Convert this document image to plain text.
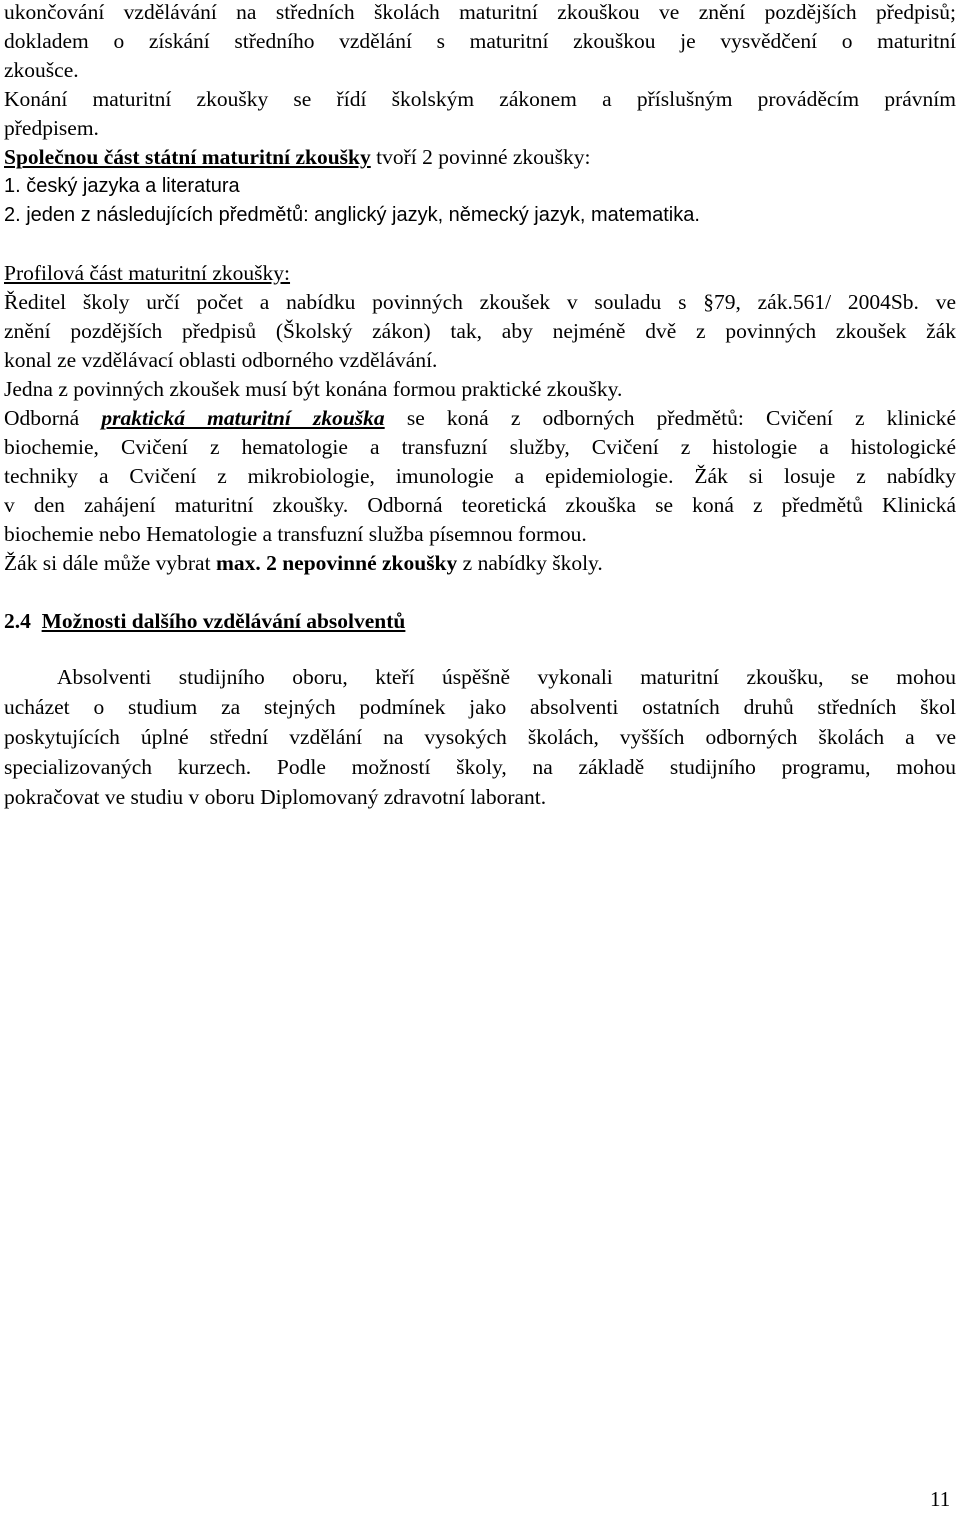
ukončování vzdělávání na středních školách maturitní zkouškou ve znění pozdějších předpisů;
dokladem o získání středního vzdělání s maturitní zkouškou je vysvědčení o maturitní
zkoušce.
Konání maturitní zkoušky se řídí školským zákonem a příslušným prováděcím právním
předpisem.
Společnou část státní maturitní zkoušky tvoří 2 povinné zkoušky:
1. český jazyka a literatura
2. jeden z následujících předmětů: anglický jazyk, německý jazyk, matematika.
Profilová část maturitní zkoušky:
Ředitel školy určí počet a nabídku povinných zkoušek v souladu s §79, zák.561/ 2004Sb. ve
znění pozdějších předpisů (Školský zákon) tak, aby nejméně dvě z povinných zkoušek žák
konal ze vzdělávací oblasti odborného vzdělávání.
Jedna z povinných zkoušek musí být konána formou praktické zkoušky.
Odborná praktická maturitní zkouška se koná z odborných předmětů: Cvičení z klinické
biochemie, Cvičení z hematologie a transfuzní služby, Cvičení z histologie a histologické
techniky a Cvičení z mikrobiologie, imunologie a epidemiologie. Žák si losuje z nabídky
v den zahájení maturitní zkoušky. Odborná teoretická zkouška se koná z předmětů Klinická
biochemie nebo Hematologie a transfuzní služba písemnou formou.
Žák si dále může vybrat max. 2 nepovinné zkoušky z nabídky školy.
2.4 Možnosti dalšího vzdělávání absolventů
Absolventi studijního oboru, kteří úspěšně vykonali maturitní zkoušku, se mohou
ucházet o studium za stejných podmínek jako absolventi ostatních druhů středních škol
poskytujících úplné střední vzdělání na vysokých školách, vyšších odborných školách a ve
specializovaných kurzech. Podle možností školy, na základě studijního programu, mohou
pokračovat ve studiu v oboru Diplomovaný zdravotní laborant.
11
